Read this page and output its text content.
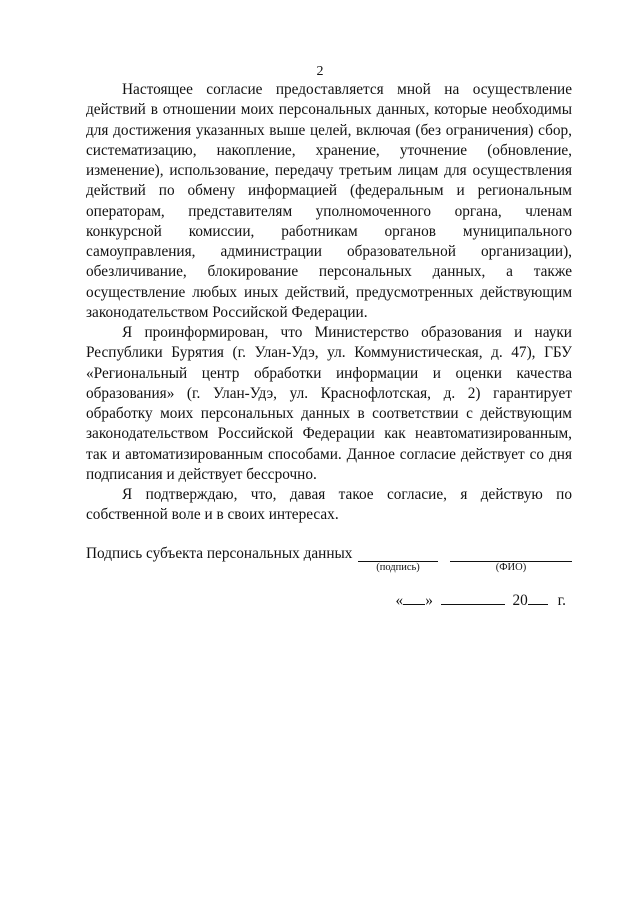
2

Настоящее согласие предоставляется мной на осуществление действий в отношении моих персональных данных, которые необходимы для достижения указанных выше целей, включая (без ограничения) сбор, систематизацию, накопление, хранение, уточнение (обновление, изменение), использование, передачу третьим лицам для осуществления действий по обмену информацией (федеральным и региональным операторам, представителям уполномоченного органа, членам конкурсной комиссии, работникам органов муниципального самоуправления, администрации образовательной организации), обезличивание, блокирование персональных данных, а также осуществление любых иных действий, предусмотренных действующим законодательством Российской Федерации.

Я проинформирован, что Министерство образования и науки Республики Бурятия (г. Улан-Удэ, ул. Коммунистическая, д. 47), ГБУ «Региональный центр обработки информации и оценки качества образования» (г. Улан-Удэ, ул. Краснофлотская, д. 2) гарантирует обработку моих персональных данных в соответствии с действующим законодательством Российской Федерации как неавтоматизированным, так и автоматизированным способами. Данное согласие действует со дня подписания и действует бессрочно.

Я подтверждаю, что, давая такое согласие, я действую по собственной воле и в своих интересах.

Подпись субъекта персональных данных
(подпись)	(ФИО)
« »	20 г.
